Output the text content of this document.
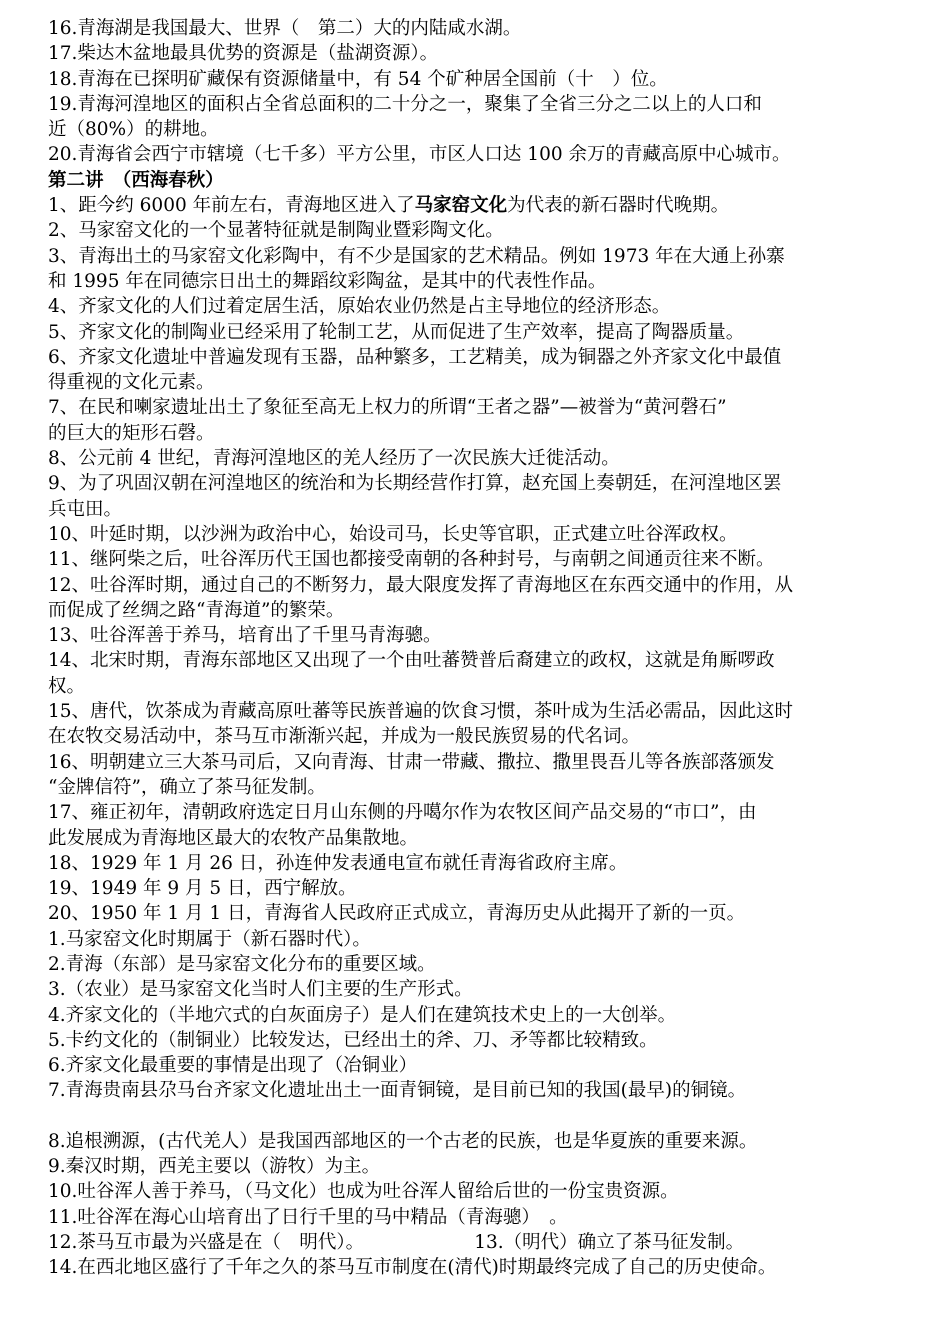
16.青海湖是我国最大、世界（　第二）大的内陆咸水湖。
17.柴达木盆地最具优势的资源是（盐湖资源）。
18.青海在已探明矿藏保有资源储量中，有 54 个矿种居全国前（十　）位。
19.青海河湟地区的面积占全省总面积的二十分之一，聚集了全省三分之二以上的人口和
近（80%）的耕地。
20.青海省会西宁市辖境（七千多）平方公里，市区人口达 100 余万的青藏高原中心城市。
第二讲　（西海春秋）
1、距今约 6000 年前左右，青海地区进入了马家窑文化为代表的新石器时代晚期。
2、马家窑文化的一个显著特征就是制陶业暨彩陶文化。
3、青海出土的马家窑文化彩陶中，有不少是国家的艺术精品。例如 1973 年在大通上孙寨
和 1995 年在同德宗日出土的舞蹈纹彩陶盆，是其中的代表性作品。
4、齐家文化的人们过着定居生活，原始农业仍然是占主导地位的经济形态。
5、齐家文化的制陶业已经采用了轮制工艺，从而促进了生产效率，提高了陶器质量。
6、齐家文化遗址中普遍发现有玉器，品种繁多，工艺精美，成为铜器之外齐家文化中最值
得重视的文化元素。
7、在民和喇家遗址出土了象征至高无上权力的所谓“王者之器”—被誉为“黄河磬石”
的巨大的矩形石磬。
8、公元前 4 世纪，青海河湟地区的羌人经历了一次民族大迁徙活动。
9、为了巩固汉朝在河湟地区的统治和为长期经营作打算，赵充国上奏朝廷，在河湟地区罢
兵屯田。
10、叶延时期，以沙洲为政治中心，始设司马，长史等官职，正式建立吐谷浑政权。
11、继阿柴之后，吐谷浑历代王国也都接受南朝的各种封号，与南朝之间通贡往来不断。
12、吐谷浑时期，通过自己的不断努力，最大限度发挥了青海地区在东西交通中的作用，从
而促成了丝绸之路“青海道”的繁荣。
13、吐谷浑善于养马，培育出了千里马青海骢。
14、北宋时期，青海东部地区又出现了一个由吐蕃赞普后裔建立的政权，这就是角厮啰政
权。
15、唐代，饮茶成为青藏高原吐蕃等民族普遍的饮食习惯，茶叶成为生活必需品，因此这时
在农牧交易活动中，茶马互市渐渐兴起，并成为一般民族贸易的代名词。
16、明朝建立三大茶马司后，又向青海、甘肃一带藏、撒拉、撒里畏吾儿等各族部落颁发
“金牌信符”，确立了茶马征发制。
17、雍正初年，清朝政府选定日月山东侧的丹噶尔作为农牧区间产品交易的“市口”，由
此发展成为青海地区最大的农牧产品集散地。
18、1929 年 1 月 26 日，孙连仲发表通电宣布就任青海省政府主席。
19、1949 年 9 月 5 日，西宁解放。
20、1950 年 1 月 1 日，青海省人民政府正式成立，青海历史从此揭开了新的一页。
1.马家窑文化时期属于（新石器时代）。
2.青海（东部）是马家窑文化分布的重要区域。
3.（农业）是马家窑文化当时人们主要的生产形式。
4.齐家文化的（半地穴式的白灰面房子）是人们在建筑技术史上的一大创举。
5.卡约文化的（制铜业）比较发达，已经出土的斧、刀、矛等都比较精致。
6.齐家文化最重要的事情是出现了（冶铜业）
7.青海贵南县尕马台齐家文化遗址出土一面青铜镜，是目前已知的我国(最早)的铜镜。
8.追根溯源，(古代羌人）是我国西部地区的一个古老的民族，也是华夏族的重要来源。
9.秦汉时期，西羌主要以（游牧）为主。
10.吐谷浑人善于养马，（马文化）也成为吐谷浑人留给后世的一份宝贵资源。
11.吐谷浑在海心山培育出了日行千里的马中精品（青海骢）　。
12.茶马互市最为兴盛是在（　明代）。	13.（明代）确立了茶马征发制。
14.在西北地区盛行了千年之久的茶马互市制度在(清代)时期最终完成了自己的历史使命。
